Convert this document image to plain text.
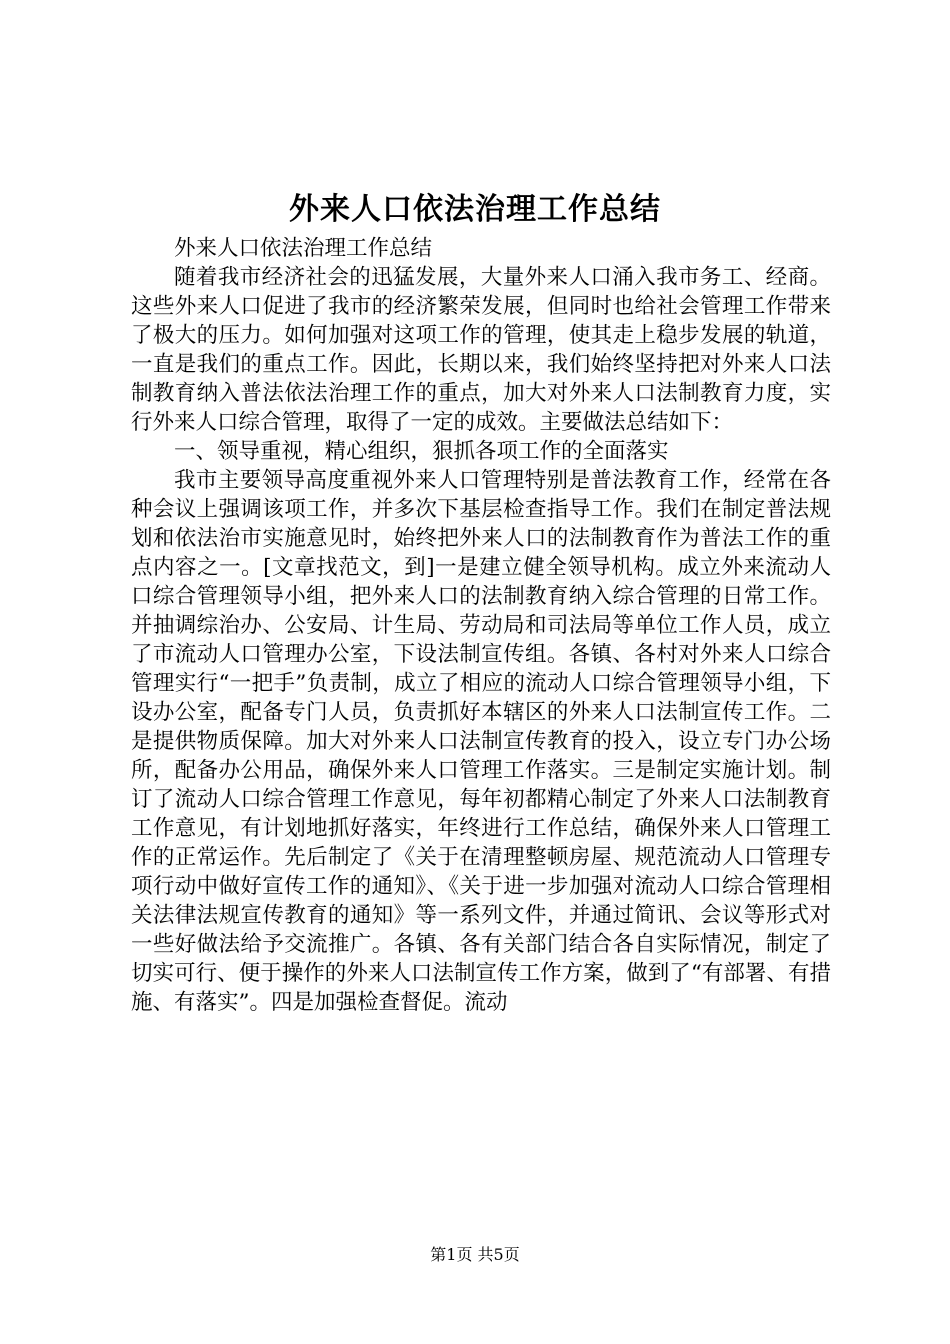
外来人口依法治理工作总结

外来人口依法治理工作总结

随着我市经济社会的迅猛发展，大量外来人口涌入我市务工、经商。这些外来人口促进了我市的经济繁荣发展，但同时也给社会管理工作带来了极大的压力。如何加强对这项工作的管理，使其走上稳步发展的轨道，一直是我们的重点工作。因此，长期以来，我们始终坚持把对外来人口法制教育纳入普法依法治理工作的重点，加大对外来人口法制教育力度，实行外来人口综合管理，取得了一定的成效。主要做法总结如下：

一、领导重视，精心组织，狠抓各项工作的全面落实

我市主要领导高度重视外来人口管理特别是普法教育工作，经常在各种会议上强调该项工作，并多次下基层检查指导工作。我们在制定普法规划和依法治市实施意见时，始终把外来人口的法制教育作为普法工作的重点内容之一。[文章找范文，到]一是建立健全领导机构。成立外来流动人口综合管理领导小组，把外来人口的法制教育纳入综合管理的日常工作。并抽调综治办、公安局、计生局、劳动局和司法局等单位工作人员，成立了市流动人口管理办公室，下设法制宣传组。各镇、各村对外来人口综合管理实行“一把手”负责制，成立了相应的流动人口综合管理领导小组，下设办公室，配备专门人员，负责抓好本辖区的外来人口法制宣传工作。二是提供物质保障。加大对外来人口法制宣传教育的投入，设立专门办公场所，配备办公用品，确保外来人口管理工作落实。三是制定实施计划。制订了流动人口综合管理工作意见，每年初都精心制定了外来人口法制教育工作意见，有计划地抓好落实，年终进行工作总结，确保外来人口管理工作的正常运作。先后制定了《关于在清理整顿房屋、规范流动人口管理专项行动中做好宣传工作的通知》、《关于进一步加强对流动人口综合管理相关法律法规宣传教育的通知》等一系列文件，并通过简讯、会议等形式对一些好做法给予交流推广。各镇、各有关部门结合各自实际情况，制定了切实可行、便于操作的外来人口法制宣传工作方案，做到了“有部署、有措施、有落实”。四是加强检查督促。流动

第1页 共5页
